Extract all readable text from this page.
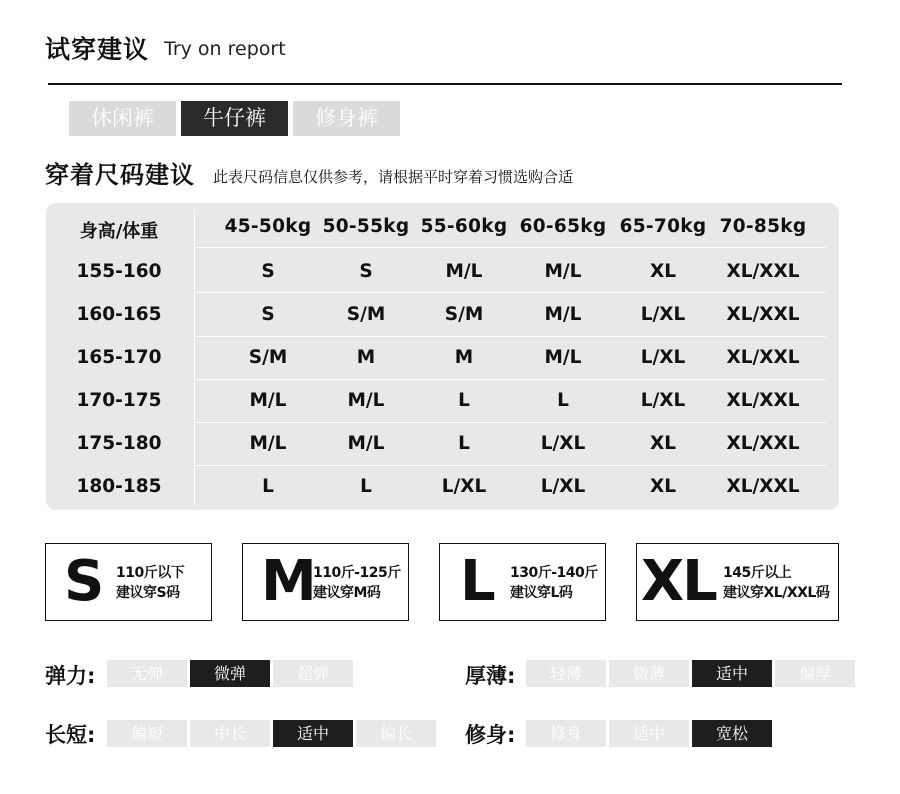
试穿建议 Try on report
休闲裤	牛仔裤	修身裤
穿着尺码建议 此表尺码信息仅供参考，请根据平时穿着习惯选购合适
身高/体重	45-50kg 50-55kg 55-60kg 60-65kg 65-70kg 70-85kg
155-160	S	S	M/L	M/L	XL	XL/XXL
160-165	S	S/M	S/M	M/L	L/XL	XL/XXL
165-170	S/M	M	M	M/L	L/XL	XL/XXL
170-175	M/L	M/L	L	L	L/XL	XL/XXL
175-180	M/L	M/L	L	L/XL	XL	XL/XXL
180-185	L	L	L/XL	L/XL	XL	XL/XXL
S 110斤以下
建议穿S码 M
110斤-125斤
建议穿M码 L 130斤-140斤
建议穿L码 XL 145斤以上
建议穿XL/XXL码
弹力:	无弹	微弹	超弹	厚薄:	轻薄	微薄	适中	偏厚
长短:	偏短	中长	适中	偏长	修身:	修身	适中	宽松
